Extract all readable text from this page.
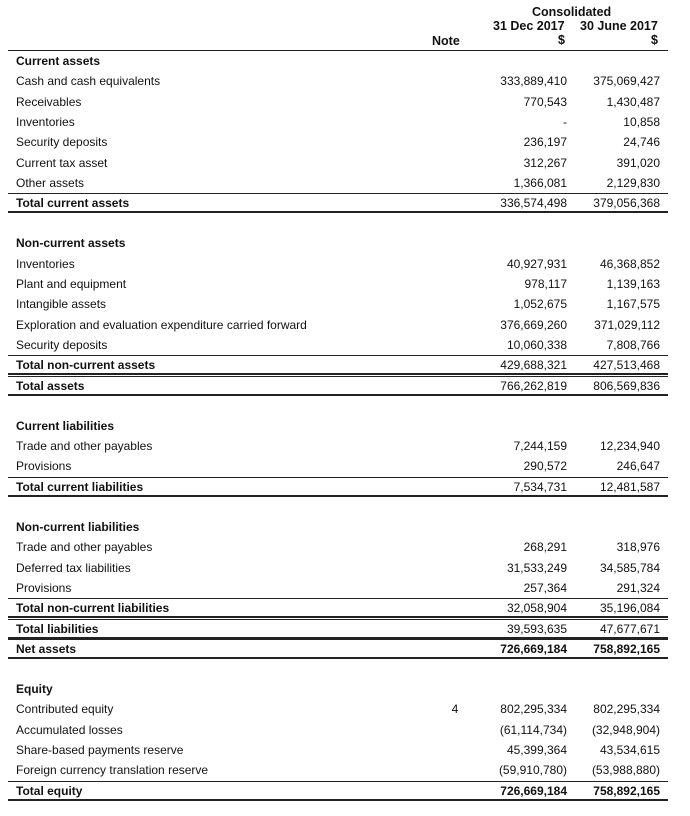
Consolidated
31 Dec 2017 30 June 2017
Note	$	$
Current assets
Cash and cash equivalents	333,889,410 375,069,427
Receivables	770,543	1,430,487
Inventories	-	10,858
Security deposits	236,197	24,746
Current tax asset	312,267	391,020
Other assets	1,366,081	2,129,830
Total current assets	336,574,498 379,056,368
Non-current assets
Inventories	40,927,931	46,368,852
Plant and equipment	978,117	1,139,163
Intangible assets	1,052,675	1,167,575
Exploration and evaluation expenditure carried forward	376,669,260 371,029,112
Security deposits	10,060,338	7,808,766
Total non-current assets	429,688,321 427,513,468
Total assets	766,262,819 806,569,836
Current liabilities
Trade and other payables	7,244,159	12,234,940
Provisions	290,572	246,647
Total current liabilities	7,534,731	12,481,587
Non-current liabilities
Trade and other payables	268,291	318,976
Deferred tax liabilities	31,533,249	34,585,784
Provisions	257,364	291,324
Total non-current liabilities	32,058,904	35,196,084
Total liabilities	39,593,635	47,677,671
Net assets	726,669,184 758,892,165
Equity
Contributed equity	4	802,295,334 802,295,334
Accumulated losses	(61,114,734) (32,948,904)
Share-based payments reserve	45,399,364	43,534,615
Foreign currency translation reserve	(59,910,780) (53,988,880)
Total equity	726,669,184 758,892,165
